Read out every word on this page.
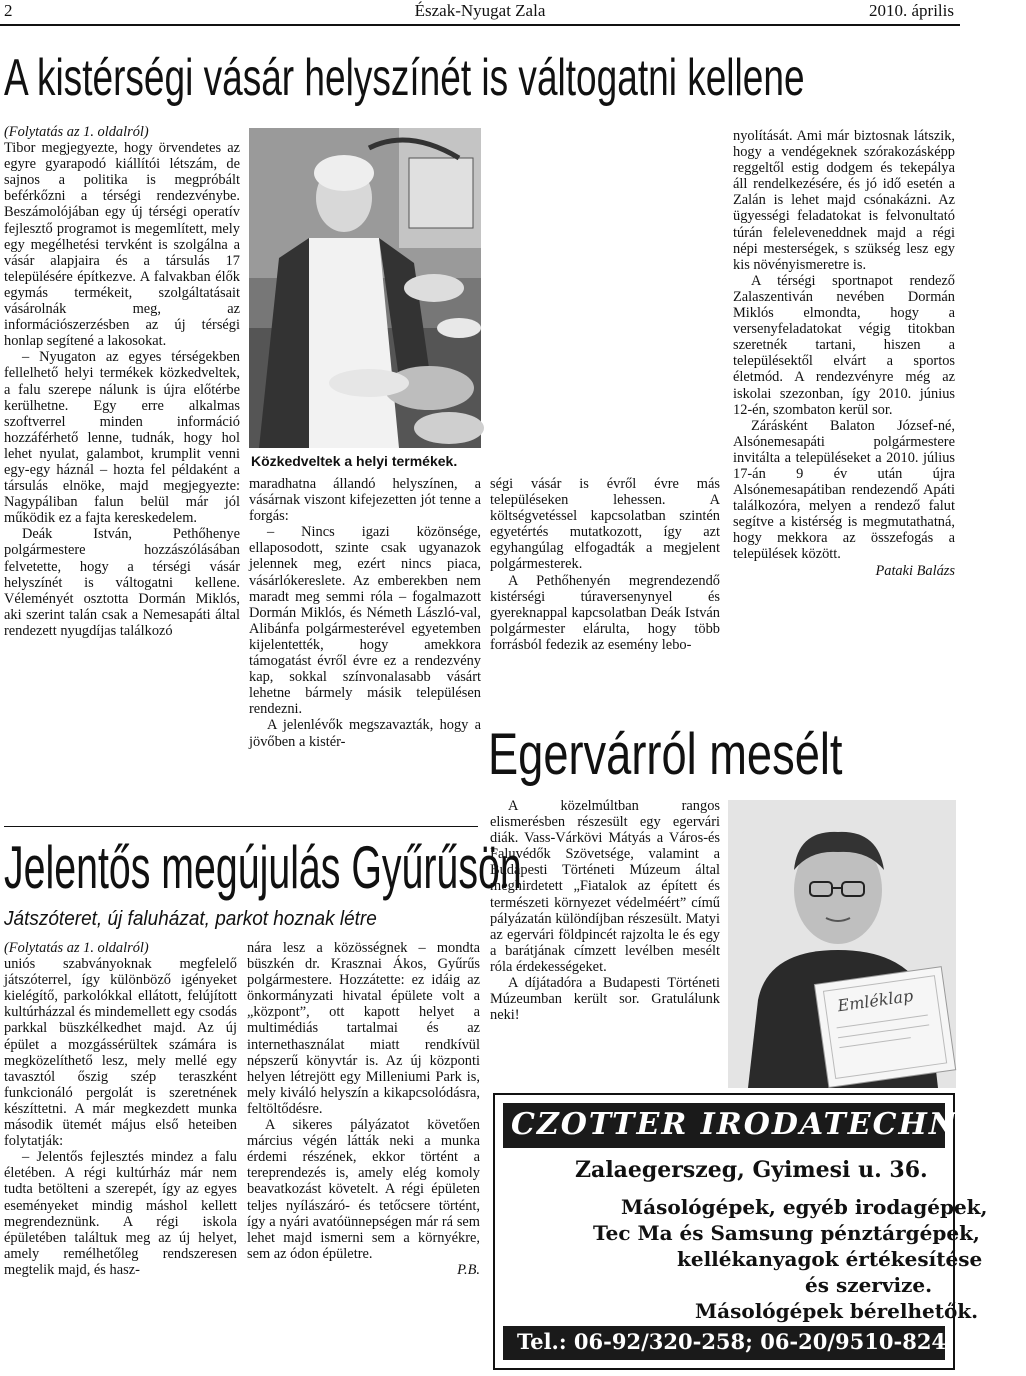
2	Észak-Nyugat Zala	2010. április
A kistérségi vásár helyszínét is váltogatni kellene

(Folytatás az 1. oldalról)

Tibor megjegyezte, hogy örvendetes az egyre gyarapodó kiállítói létszám, de sajnos a politika is megpróbált beférkőzni a térségi rendezvénybe. Beszámolójában egy új térségi operatív fejlesztő programot is megemlített, mely egy megélhetési tervként is szolgálna a vásár alapjaira és a társulás 17 településére építkezve. A falvakban élők egymás termékeit, szolgáltatásait vásárolnák meg, az információszerzésben az új térségi honlap segítené a lakosokat.

– Nyugaton az egyes térségekben fellelhető helyi termékek közkedveltek, a falu szerepe nálunk is újra előtérbe kerülhetne. Egy erre alkalmas szoftverrel minden információ hozzáférhető lenne, tudnák, hogy hol lehet nyulat, galambot, krumplit venni egy-egy háznál – hozta fel példaként a társulás elnöke, majd megjegyezte: Nagypáliban falun belül már jól működik ez a fajta kereskedelem.

Deák István, Pethőhenye polgármestere hozzászólásában felvetette, hogy a térségi vásár helyszínét is váltogatni kellene. Véleményét osztotta Dormán Miklós, aki szerint talán csak a Nemesapáti által rendezett nyugdíjas találkozó

Közkedveltek a helyi termékek.

maradhatna állandó helyszínen, a vásárnak viszont kifejezetten jót tenne a forgás:

– Nincs igazi közönsége, ellaposodott, szinte csak ugyanazok jelennek meg, ezért nincs piaca, vásárlókereslete. Az emberekben nem maradt meg semmi róla – fogalmazott Dormán Miklós, és Németh László-val, Alibánfa polgármesterével egyetemben kijelentették, hogy amekkora támogatást évről évre ez a rendezvény kap, sokkal színvonalasabb vásárt lehetne bármely másik településen rendezni.

A jelenlévők megszavazták, hogy a jövőben a kistér-

ségi vásár is évről évre más településeken lehessen. A költségvetéssel kapcsolatban szintén egyetértés mutatkozott, így azt egyhangúlag elfogadták a megjelent polgármesterek.

A Pethőhenyén megrendezendő kistérségi túraversenynyel és gyereknappal kapcsolatban Deák István polgármester elárulta, hogy több forrásból fedezik az esemény lebo-

nyolítását. Ami már biztosnak látszik, hogy a vendégeknek szórakozásképp reggeltől estig dodgem és tekepálya áll rendelkezésére, és jó idő esetén a Zalán is lehet majd csónakázni. Az ügyességi feladatokat is felvonultató túrán feleleveneddnek majd a régi népi mesterségek, s szükség lesz egy kis növényismeretre is.

A térségi sportnapot rendező Zalaszentiván nevében Dormán Miklós elmondta, hogy a versenyfeladatokat végig titokban szeretnék tartani, hiszen a településektől elvárt a sportos életmód. A rendezvényre még az iskolai szezonban, így 2010. június 12-én, szombaton kerül sor.

Zárásként Balaton József-né, Alsónemesapáti polgármestere invitálta a településeket a 2010. július 17-án 9 év után újra Alsónemesapátiban rendezendő Apáti találkozóra, melyen a rendező falut segítve a kistérség is megmutathatná, hogy mekkora az összefogás a települések között.

Pataki Balázs

Egervárról mesélt
Jelentős megújulás Gyűrűsön
Játszóteret, új faluházat, parkot hoznak létre

(Folytatás az 1. oldalról)

uniós szabványoknak megfelelő játszóterrel, így különböző igényeket kielégítő, parkolókkal ellátott, felújított kultúrházzal és mindemellett egy csodás parkkal büszkélkedhet majd. Az új épület a mozgássérültek számára is megközelíthető lesz, mely mellé egy tavasztól őszig szép teraszként funkcionáló pergolát is szeretnének készíttetni. A már megkezdett munka második ütemét május első heteiben folytatják:

– Jelentős fejlesztés mindez a falu életében. A régi kultúrház már nem tudta betölteni a szerepét, így az egyes eseményeket mindig máshol kellett megrendeznünk. A régi iskola épületében találtuk meg az új helyet, amely remélhetőleg rendszeresen megtelik majd, és hasz-

nára lesz a közösségnek – mondta büszkén dr. Krasznai Ákos, Gyűrűs polgármestere. Hozzátette: ez idáig az önkormányzati hivatal épülete volt a „központ”, ott kapott helyet a multimédiás tartalmai és az internethasználat miatt rendkívül népszerű könyvtár is. Az új központi helyen létrejött egy Milleniumi Park is, mely kiváló helyszín a kikapcsolódásra, feltöltődésre.

A sikeres pályázatot követően március végén látták neki a munka érdemi részének, ekkor történt a tereprendezés is, amely elég komoly beavatkozást követelt. A régi épületen teljes nyílászáró- és tetőcsere történt, így a nyári avatóünnepségen már rá sem lehet majd ismerni sem a környékre, sem az ódon épületre.

P.B.

A közelmúltban rangos elismerésben részesült egy egervári diák. Vass-Várkövi Mátyás a Város-és Faluvédők Szövetsége, valamint a Budapesti Történeti Múzeum által meghirdetett „Fiatalok az épített és természeti környezet védelméért” című pályázatán különdíjban részesült. Matyi az egervári földpincét rajzolta le és egy a barátjának címzett levélben mesélt róla érdekességeket.

A díjátadóra a Budapesti Történeti Múzeumban került sor. Gratulálunk neki!	Emléklap
CZOTTER IRODATECHNIKA
Zalaegerszeg, Gyimesi u. 36.
Másológépek, egyéb irodagépek,
Tec Ma és Samsung pénztárgépek,
kellékanyagok értékesítése
és szervize.
Másológépek bérelhetők.
Tel.: 06-92/320-258; 06-20/9510-824
